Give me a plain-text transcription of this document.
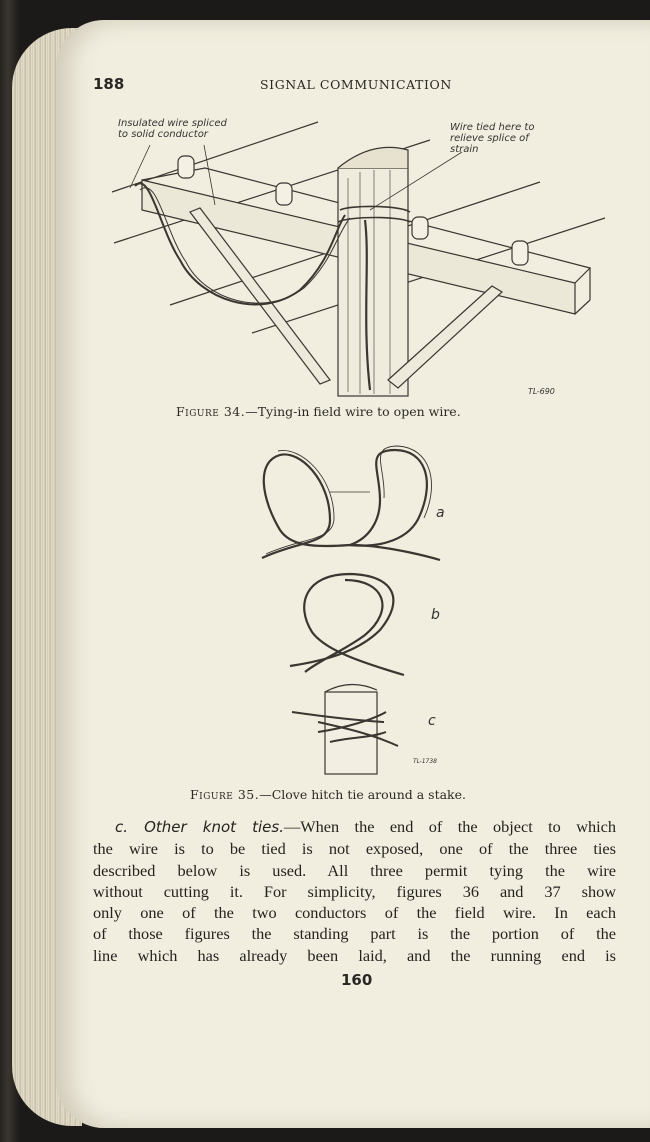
188	SIGNAL COMMUNICATION
Insulated wire spliced
to solid conductor
Wire tied here to
relieve splice of
strain
TL-690
Figure 34.—Tying-in field wire to open wire.
a
b
c
TL-1738
Figure 35.—Clove hitch tie around a stake.
c. Other knot ties.—When the end of the object to which
the wire is to be tied is not exposed, one of the three ties
described below is used. All three permit tying the wire
without cutting it. For simplicity, figures 36 and 37 show
only one of the two conductors of the field wire. In each
of those figures the standing part is the portion of the
line which has already been laid, and the running end is
160
